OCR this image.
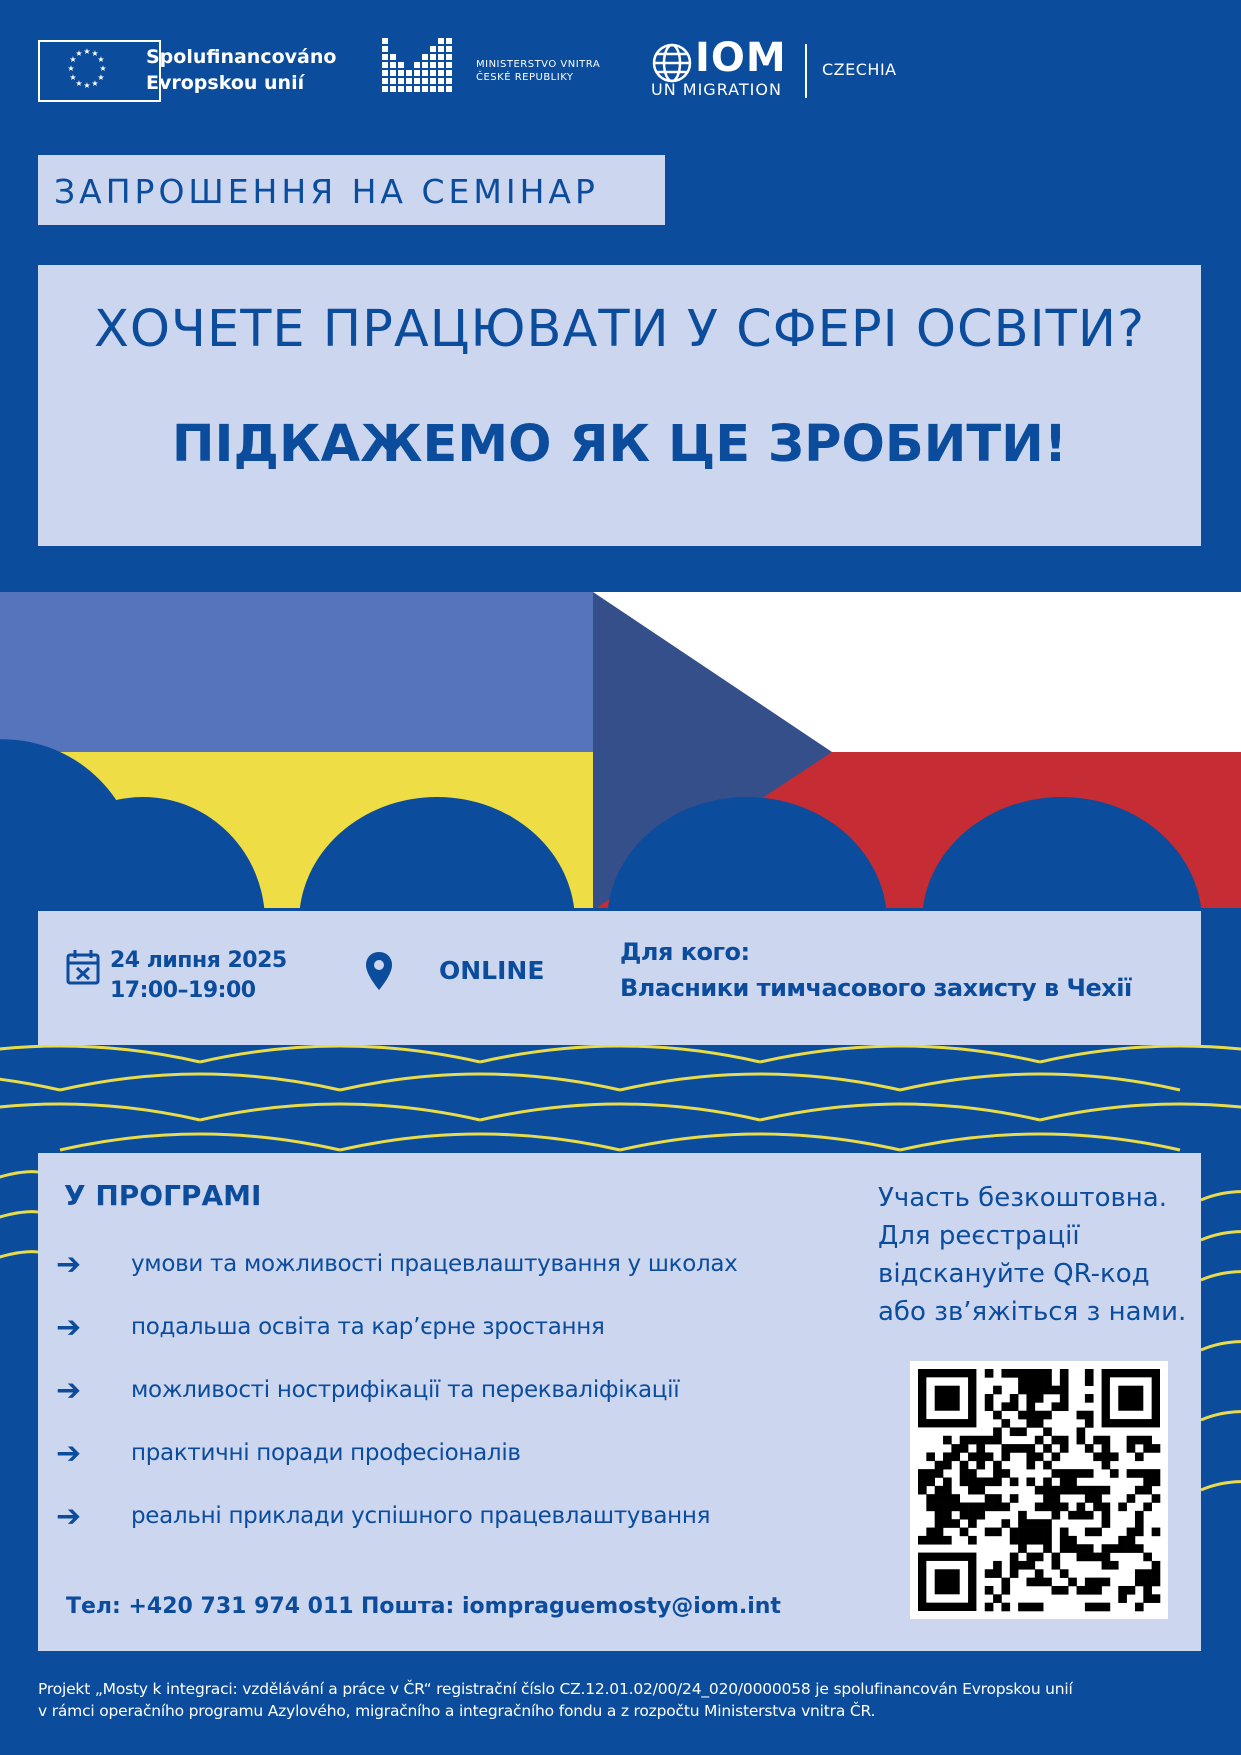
★ ★
★
★
★
★
★
★
★
★
★
★	Spolufinancováno
Evropskou unií
MINISTERSTVO VNITRA
ČESKÉ REPUBLIKY	IOM
UN MIGRATION
CZECHIA
ЗАПРОШЕННЯ НА СЕМІНАР
ХОЧЕТЕ ПРАЦЮВАТИ У СФЕРІ ОСВІТИ?
ПІДКАЖЕМО ЯК ЦЕ ЗРОБИТИ!
24 липня 2025
17:00–19:00
ONLINE
Для кого:
Власники тимчасового захисту в Чехії
У ПРОГРАМІ
➔ умови та можливості працевлаштування у школах
➔ подальша освіта та кар’єрне зростання
➔ можливості нострифікації та перекваліфікації
➔ практичні поради професіоналів
➔ реальні приклади успішного працевлаштування
Участь безкоштовна.
Для реєстрації
відскануйте QR-код
або зв’яжіться з нами.
Тел: +420 731 974 011 Пошта: iompraguemosty@iom.int
Projekt „Mosty k integraci: vzdělávání a práce v ČR“ registrační číslo CZ.12.01.02/00/24_020/0000058 je spolufinancován Evropskou unií
v rámci operačního programu Azylového, migračního a integračního fondu a z rozpočtu Ministerstva vnitra ČR.
